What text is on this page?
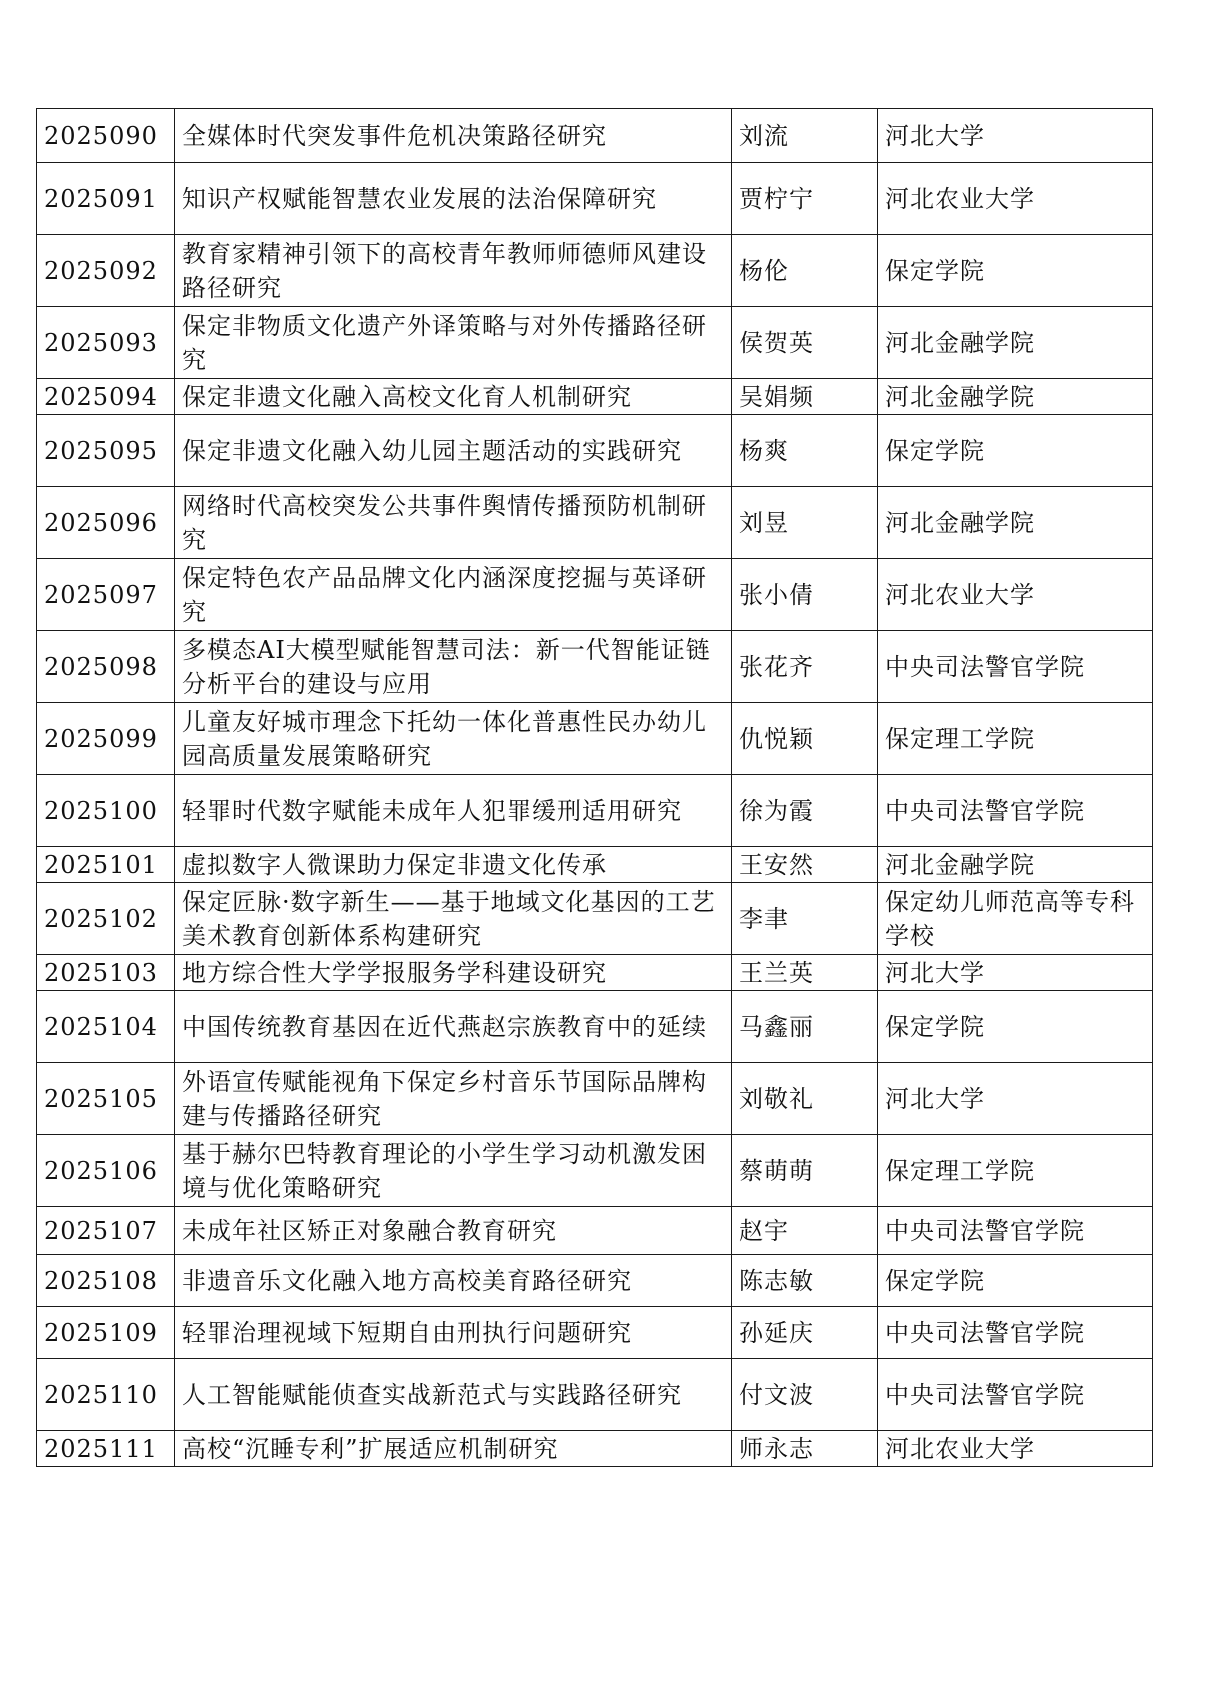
2025090	全媒体时代突发事件危机决策路径研究	刘流	河北大学
2025091	知识产权赋能智慧农业发展的法治保障研究	贾柠宁	河北农业大学
2025092	教育家精神引领下的高校青年教师师德师风建设路径研究	杨伦	保定学院
2025093	保定非物质文化遗产外译策略与对外传播路径研究	侯贺英	河北金融学院
2025094	保定非遗文化融入高校文化育人机制研究	吴娟频	河北金融学院
2025095	保定非遗文化融入幼儿园主题活动的实践研究	杨爽	保定学院
2025096	网络时代高校突发公共事件舆情传播预防机制研究	刘昱	河北金融学院
2025097	保定特色农产品品牌文化内涵深度挖掘与英译研究	张小倩	河北农业大学
2025098	多模态AI大模型赋能智慧司法：新一代智能证链分析平台的建设与应用	张花齐	中央司法警官学院
2025099	儿童友好城市理念下托幼一体化普惠性民办幼儿园高质量发展策略研究	仇悦颖	保定理工学院
2025100	轻罪时代数字赋能未成年人犯罪缓刑适用研究	徐为霞	中央司法警官学院
2025101	虚拟数字人微课助力保定非遗文化传承	王安然	河北金融学院
2025102	保定匠脉·数字新生——基于地域文化基因的工艺美术教育创新体系构建研究	李聿	保定幼儿师范高等专科学校
2025103	地方综合性大学学报服务学科建设研究	王兰英	河北大学
2025104	中国传统教育基因在近代燕赵宗族教育中的延续	马鑫丽	保定学院
2025105	外语宣传赋能视角下保定乡村音乐节国际品牌构建与传播路径研究	刘敬礼	河北大学
2025106	基于赫尔巴特教育理论的小学生学习动机激发困境与优化策略研究	蔡萌萌	保定理工学院
2025107	未成年社区矫正对象融合教育研究	赵宇	中央司法警官学院
2025108	非遗音乐文化融入地方高校美育路径研究	陈志敏	保定学院
2025109	轻罪治理视域下短期自由刑执行问题研究	孙延庆	中央司法警官学院
2025110	人工智能赋能侦查实战新范式与实践路径研究	付文波	中央司法警官学院
2025111	高校“沉睡专利”扩展适应机制研究	师永志	河北农业大学
